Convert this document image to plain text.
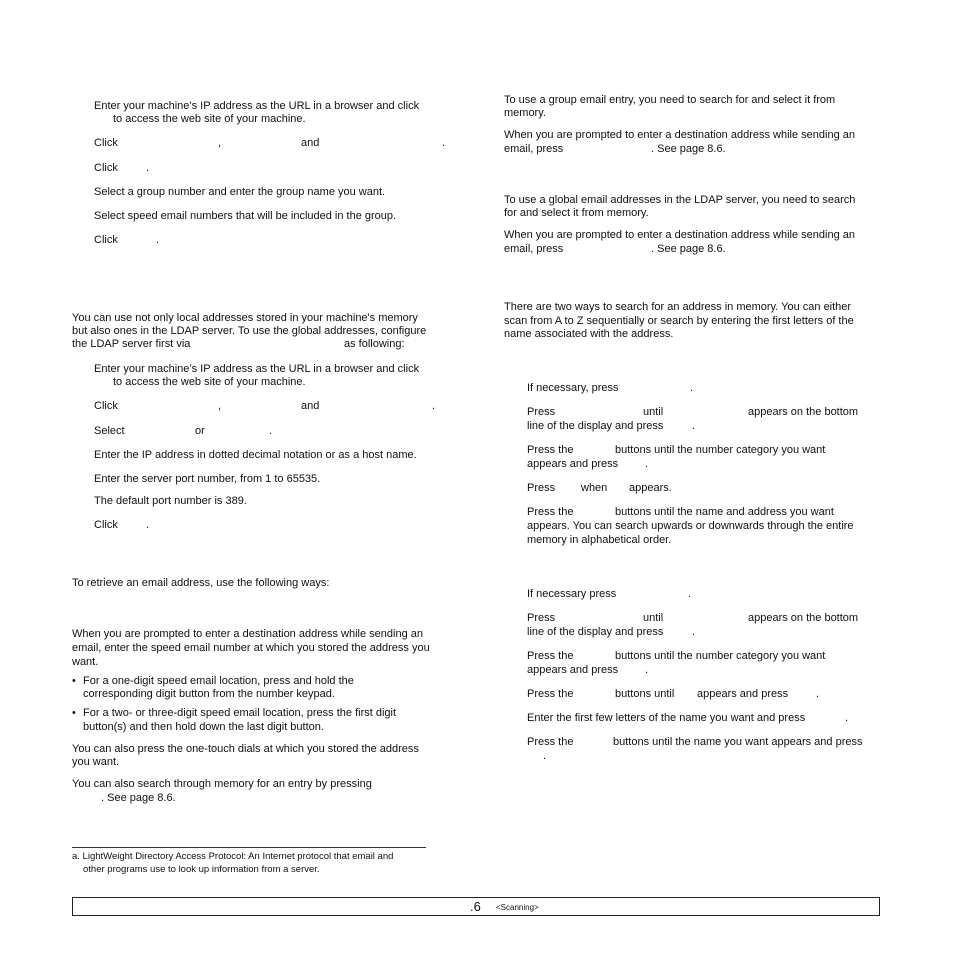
Enter your machine’s IP address as the URL in a browser and click
to access the web site of your machine.
Click	,	and	.
Click	.
Select a group number and enter the group name you want.
Select speed email numbers that will be included in the group.
Click	.
You can use not only local addresses stored in your machine's memory
but also ones in the LDAP server. To use the global addresses, configure
the LDAP server first via	as following:
Enter your machine’s IP address as the URL in a browser and click
to access the web site of your machine.
Click	,	and	.
Select	or	.
Enter the IP address in dotted decimal notation or as a host name.
Enter the server port number, from 1 to 65535.
The default port number is 389.
Click	.
To retrieve an email address, use the following ways:
When you are prompted to enter a destination address while sending an
email, enter the speed email number at which you stored the address you
want.
• For a one-digit speed email location, press and hold the
corresponding digit button from the number keypad.
• For a two- or three-digit speed email location, press the first digit
button(s) and then hold down the last digit button.
You can also press the one-touch dials at which you stored the address
you want.
You can also search through memory for an entry by pressing
. See page 8.6.
a. LightWeight Directory Access Protocol: An Internet protocol that email and
other programs use to look up information from a server.
To use a group email entry, you need to search for and select it from
memory.
When you are prompted to enter a destination address while sending an
email, press	. See page 8.6.
To use a global email addresses in the LDAP server, you need to search
for and select it from memory.
When you are prompted to enter a destination address while sending an
email, press	. See page 8.6.
There are two ways to search for an address in memory. You can either
scan from A to Z sequentially or search by entering the first letters of the
name associated with the address.
If necessary, press	.
Press	until	appears on the bottom
line of the display and press	.
Press the	buttons until the number category you want
appears and press .
Press when appears.
Press the	buttons until the name and address you want
appears. You can search upwards or downwards through the entire
memory in alphabetical order.
If necessary press	.
Press	until	appears on the bottom
line of the display and press	.
Press the	buttons until the number category you want
appears and press .
Press the	buttons until appears and press	.
Enter the first few letters of the name you want and press	.
Press the	buttons until the name you want appears and press
.
.6 <Scanning>
